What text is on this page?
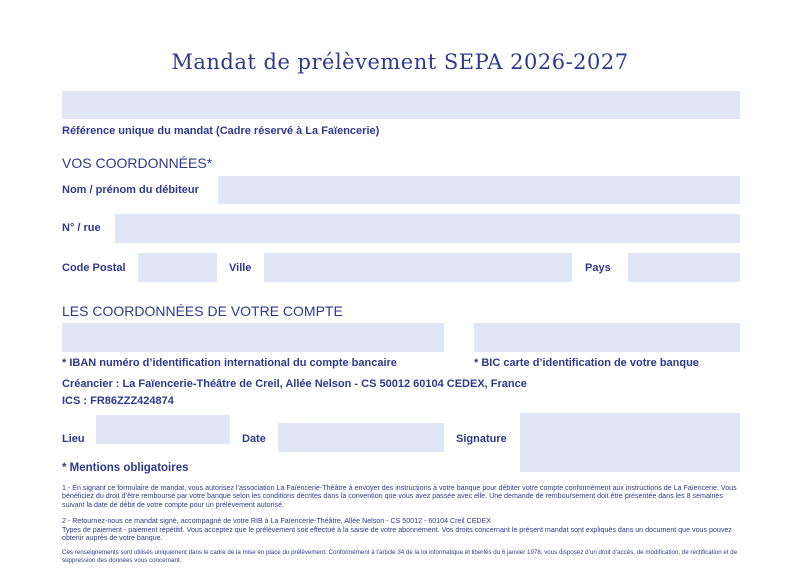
Mandat de prélèvement SEPA 2026-2027
Référence unique du mandat (Cadre réservé à La Faïencerie)
VOS COORDONNÉES*
Nom / prénom du débiteur
N° / rue
Code Postal	Ville	Pays
LES COORDONNÉES DE VOTRE COMPTE
* IBAN numéro d’identification international du compte bancaire	* BIC carte d’identification de votre banque
Créancier : La Faïencerie-Théâtre de Creil, Allée Nelson - CS 50012 60104 CEDEX, France
ICS : FR86ZZZ424874
Lieu	Date	Signature
* Mentions obligatoires
1 - En signant ce formulaire de mandat, vous autorisez l’association La Faïencerie-Théâtre à envoyer des instructions à votre banque pour débiter votre compte conformément aux instructions de La Faïencerie. Vous bénéficiez du droit d’être remboursé par votre banque selon les conditions décrites dans la convention que vous avez passée avec elle. Une demande de remboursement doit être présentée dans les 8 semaines suivant la date de débit de votre compte pour un prélèvement autorisé.
2 - Retournez-nous ce mandat signé, accompagné de votre RIB à La Faïencerie-Théâtre, Allée Nelson - CS 50012 - 60104 Creil CEDEX
Types de paiement - paiement répétitif. Vous acceptez que le prélèvement soit effectué à la saisie de votre abonnement. Vos droits concernant le présent mandat sont expliqués dans un document que vous pouvez obtenir auprès de votre banque.
Ces renseignements sont utilisés uniquement dans le cadre de la mise en place du prélèvement. Conformément à l’article 34 de la loi informatique et libertés du 6 janvier 1978, vous disposez d’un droit d’accès, de modification, de rectification et de suppression des données vous concernant.
